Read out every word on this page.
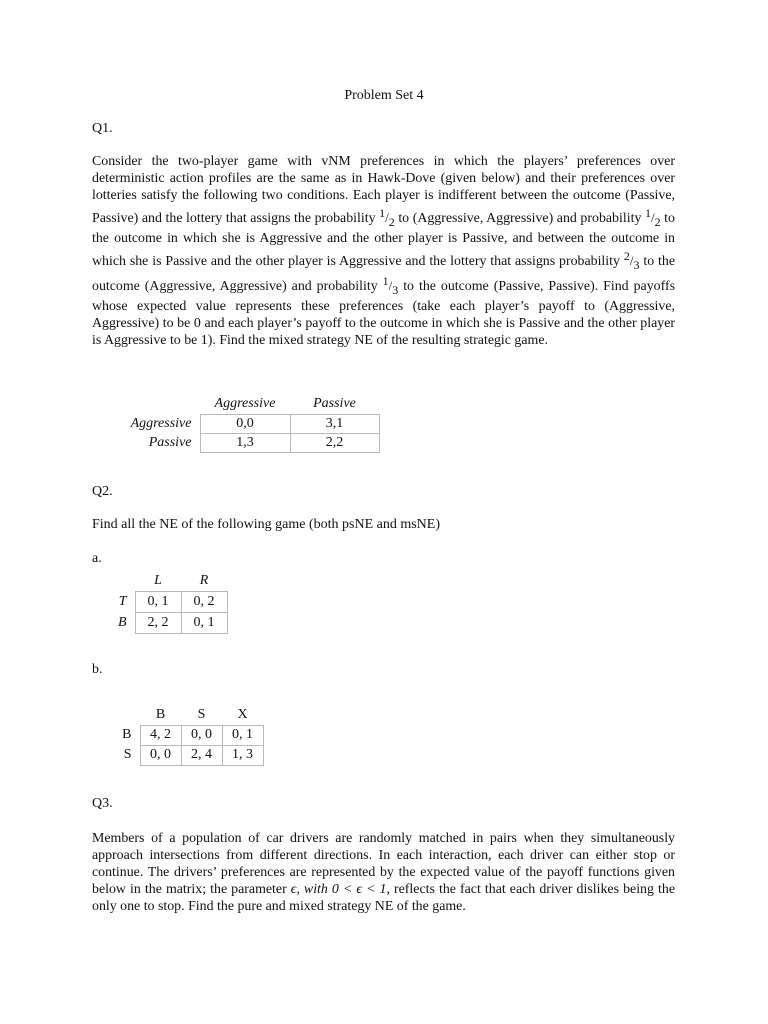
Problem Set 4
Q1.
Consider the two-player game with vNM preferences in which the players’ preferences over deterministic action profiles are the same as in Hawk-Dove (given below) and their preferences over lotteries satisfy the following two conditions. Each player is indifferent between the outcome (Passive, Passive) and the lottery that assigns the probability $^1/_2$ to (Aggressive, Aggressive) and probability $^1/_2$ to the outcome in which she is Aggressive and the other player is Passive, and between the outcome in which she is Passive and the other player is Aggressive and the lottery that assigns probability $^2/_3$ to the outcome (Aggressive, Aggressive) and probability $^1/_3$ to the outcome (Passive, Passive). Find payoffs whose expected value represents these preferences (take each player’s payoff to (Aggressive, Aggressive) to be 0 and each player’s payoff to the outcome in which she is Passive and the other player is Aggressive to be 1). Find the mixed strategy NE of the resulting strategic game.
	Aggressive	Passive
Aggressive	0,0	3,1
Passive	1,3	2,2
Q2.
Find all the NE of the following game (both psNE and msNE)
a.
	L	R
T	0, 1	0, 2
B	2, 2	0, 1
b.
	B	S	X
B	4, 2	0, 0	0, 1
S	0, 0	2, 4	1, 3
Q3.
Members of a population of car drivers are randomly matched in pairs when they simultaneously approach intersections from different directions. In each interaction, each driver can either stop or continue. The drivers’ preferences are represented by the expected value of the payoff functions given below in the matrix; the parameter ϵ, with 0 < ϵ < 1, reflects the fact that each driver dislikes being the only one to stop. Find the pure and mixed strategy NE of the game.
